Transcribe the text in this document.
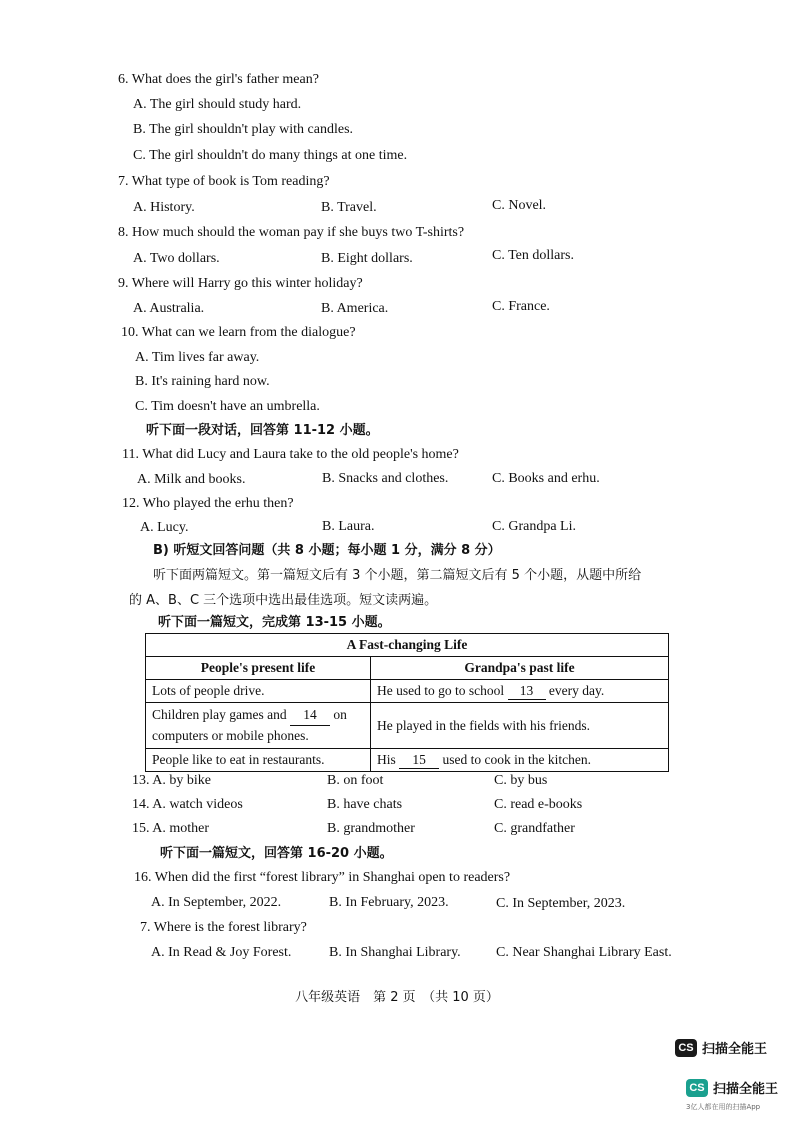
6. What does the girl's father mean?
A. The girl should study hard.
B. The girl shouldn't play with candles.
C. The girl shouldn't do many things at one time.
7. What type of book is Tom reading?
A. History.	B. Travel.	C. Novel.
8. How much should the woman pay if she buys two T-shirts?
A. Two dollars.	B. Eight dollars.	C. Ten dollars.
9. Where will Harry go this winter holiday?
A. Australia.	B. America.	C. France.
10. What can we learn from the dialogue?
A. Tim lives far away.
B. It's raining hard now.
C. Tim doesn't have an umbrella.
听下面一段对话，回答第 11-12 小题。
11. What did Lucy and Laura take to the old people's home?
A. Milk and books.	B. Snacks and clothes.	C. Books and erhu.
12. Who played the erhu then?
A. Lucy.	B. Laura.	C. Grandpa Li.
B) 听短文回答问题（共 8 小题；每小题 1 分，满分 8 分）
听下面两篇短文。第一篇短文后有 3 个小题，第二篇短文后有 5 个小题，从题中所给
的 A、B、C 三个选项中选出最佳选项。短文读两遍。
听下面一篇短文，完成第 13-15 小题。
A Fast-changing Life	
People's present life	Grandpa's past life
Lots of people drive.	He used to go to school 13 every day.
Children play games and 14 on
computers or mobile phones.	He played in the fields with his friends.
People like to eat in restaurants.	His 15 used to cook in the kitchen.
13. A. by bike	B. on foot	C. by bus
14. A. watch videos	B. have chats	C. read e-books
15. A. mother	B. grandmother	C. grandfather
听下面一篇短文，回答第 16-20 小题。
16. When did the first “forest library” in Shanghai open to readers?
A. In September, 2022.	B. In February, 2023.	C. In September, 2023.
7. Where is the forest library?
A. In Read & Joy Forest.	B. In Shanghai Library.	C. Near Shanghai Library East.
八年级英语　第 2 页　（共 10 页）
CS 扫描全能王
CS 扫描全能王
3亿人都在用的扫描App
